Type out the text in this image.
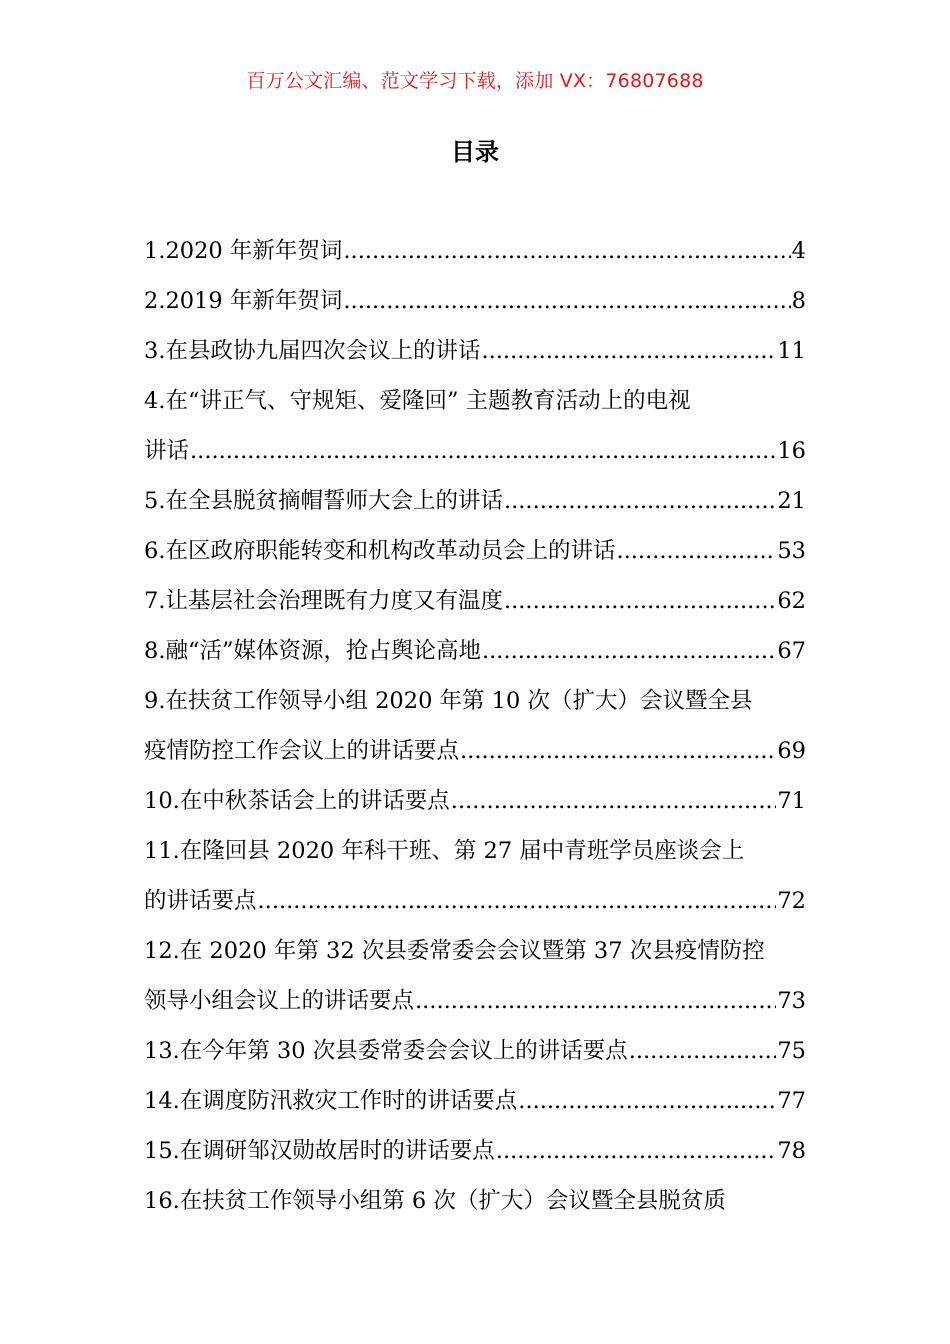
百万公文汇编、范文学习下载，添加 VX：76807688
目录
1.2020 年新年贺词 .....	4
2.2019 年新年贺词 .....	8
3.在县政协九届四次会议上的讲话 .....	11
4.在“讲正气、守规矩、爱隆回” 主题教育活动上的电视
讲话 .....	16
5.在全县脱贫摘帽誓师大会上的讲话 .....	21
6.在区政府职能转变和机构改革动员会上的讲话 .....	53
7.让基层社会治理既有力度又有温度 .....	62
8.融“活”媒体资源，抢占舆论高地 .....	67
9.在扶贫工作领导小组 2020 年第 10 次（扩大）会议暨全县
疫情防控工作会议上的讲话要点 .....	69
10.在中秋茶话会上的讲话要点 .....	71
11.在隆回县 2020 年科干班、第 27 届中青班学员座谈会上
的讲话要点 .....	72
12.在 2020 年第 32 次县委常委会会议暨第 37 次县疫情防控
领导小组会议上的讲话要点 .....	73
13.在今年第 30 次县委常委会会议上的讲话要点 .....	75
14.在调度防汛救灾工作时的讲话要点 .....	77
15.在调研邹汉勋故居时的讲话要点 .....	78
16.在扶贫工作领导小组第 6 次（扩大）会议暨全县脱贫质
